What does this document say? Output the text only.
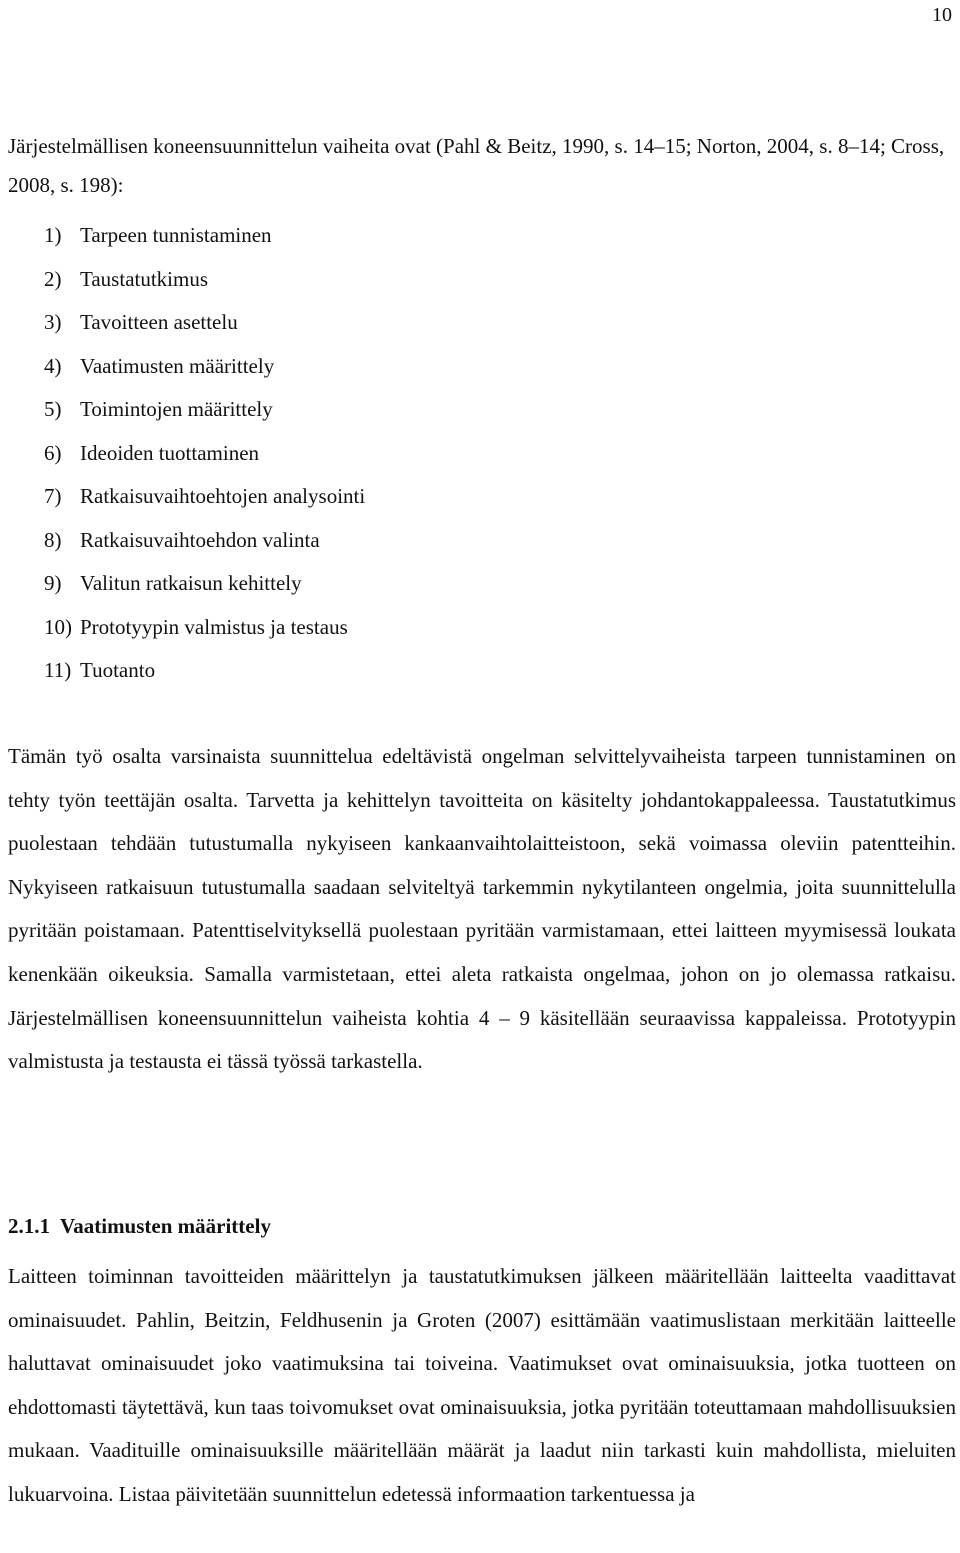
10

Järjestelmällisen koneensuunnittelun vaiheita ovat (Pahl & Beitz, 1990, s. 14–15; Norton, 2004, s. 8–14; Cross, 2008, s. 198):

1) Tarpeen tunnistaminen
2) Taustatutkimus
3) Tavoitteen asettelu
4) Vaatimusten määrittely
5) Toimintojen määrittely
6) Ideoiden tuottaminen
7) Ratkaisuvaihtoehtojen analysointi
8) Ratkaisuvaihtoehdon valinta
9) Valitun ratkaisun kehittely
10) Prototyypin valmistus ja testaus
11) Tuotanto

Tämän työ osalta varsinaista suunnittelua edeltävistä ongelman selvittelyvaiheista tarpeen tunnistaminen on tehty työn teettäjän osalta. Tarvetta ja kehittelyn tavoitteita on käsitelty johdantokappaleessa. Taustatutkimus puolestaan tehdään tutustumalla nykyiseen kankaanvaihtolaitteistoon, sekä voimassa oleviin patentteihin. Nykyiseen ratkaisuun tutustumalla saadaan selviteltyä tarkemmin nykytilanteen ongelmia, joita suunnittelulla pyritään poistamaan. Patenttiselvityksellä puolestaan pyritään varmistamaan, ettei laitteen myymisessä loukata kenenkään oikeuksia. Samalla varmistetaan, ettei aleta ratkaista ongelmaa, johon on jo olemassa ratkaisu. Järjestelmällisen koneensuunnittelun vaiheista kohtia 4 – 9 käsitellään seuraavissa kappaleissa. Prototyypin valmistusta ja testausta ei tässä työssä tarkastella.

2.1.1 Vaatimusten määrittely

Laitteen toiminnan tavoitteiden määrittelyn ja taustatutkimuksen jälkeen määritellään laitteelta vaadittavat ominaisuudet. Pahlin, Beitzin, Feldhusenin ja Groten (2007) esittämään vaatimuslistaan merkitään laitteelle haluttavat ominaisuudet joko vaatimuksina tai toiveina. Vaatimukset ovat ominaisuuksia, jotka tuotteen on ehdottomasti täytettävä, kun taas toivomukset ovat ominaisuuksia, jotka pyritään toteuttamaan mahdollisuuksien mukaan. Vaadituille ominaisuuksille määritellään määrät ja laadut niin tarkasti kuin mahdollista, mieluiten lukuarvoina. Listaa päivitetään suunnittelun edetessä informaation tarkentuessa ja
